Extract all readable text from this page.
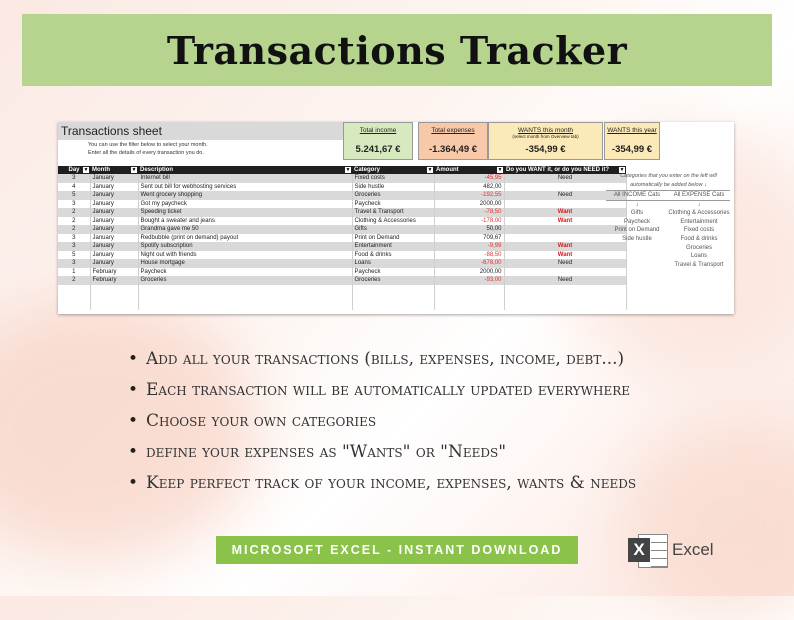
Transactions Tracker
Transactions sheet
You can use the filter below to select your month.
Enter all the details of every transaction you do.
Total income
5.241,67 €
Total expenses
-1.364,49 €
WANTS this month
(select month from Overview tab)
-354,99 €
WANTS this year
-354,99 €
Day ▼	Month ▼	Description ▼	Category ▼	Amount ▼	Do you WANT it, or do you NEED it? ▼

3	January	Internet bill	Fixed costs	-45,95	Need
4	January	Sent out bill for webhosting services	Side hustle	482,00	
5	January	Went grocery shopping	Groceries	-192,55	Need
3	January	Got my paycheck	Paycheck	2000,00	
2	January	Speeding ticket	Travel & Transport	-78,50	Want
2	January	Bought a sweater and jeans	Clothing & Accessories	-178,00	Want
2	January	Grandma gave me 50	Gifts	50,00	
3	January	Redbubble (print on demand) payout	Print on Demand	709,67	
3	January	Spotify subscription	Entertainment	-9,99	Want
5	January	Night out with friends	Food & drinks	-88,50	Want
3	January	House mortgage	Loans	-678,00	Need
1	February	Paycheck	Paycheck	2000,00	
2	February	Groceries	Groceries	-93,00	Need

Categories that you enter on the left will automatically be added below ↓
All INCOME Cats
↓
Gifts
Paycheck
Print on Demand
Side hustle
All EXPENSE Cats
↓
Clothing & Accessories
Entertainment
Fixed costs
Food & drinks
Groceries
Loans
Travel & Transport
• Add all your transactions (bills, expenses, income, debt...)
• Each transaction will be automatically updated everywhere
• Choose your own categories
• define your expenses as "Wants" or "Needs"
• Keep perfect track of your income, expenses, wants & needs
MICROSOFT EXCEL - INSTANT DOWNLOAD	X	Excel
